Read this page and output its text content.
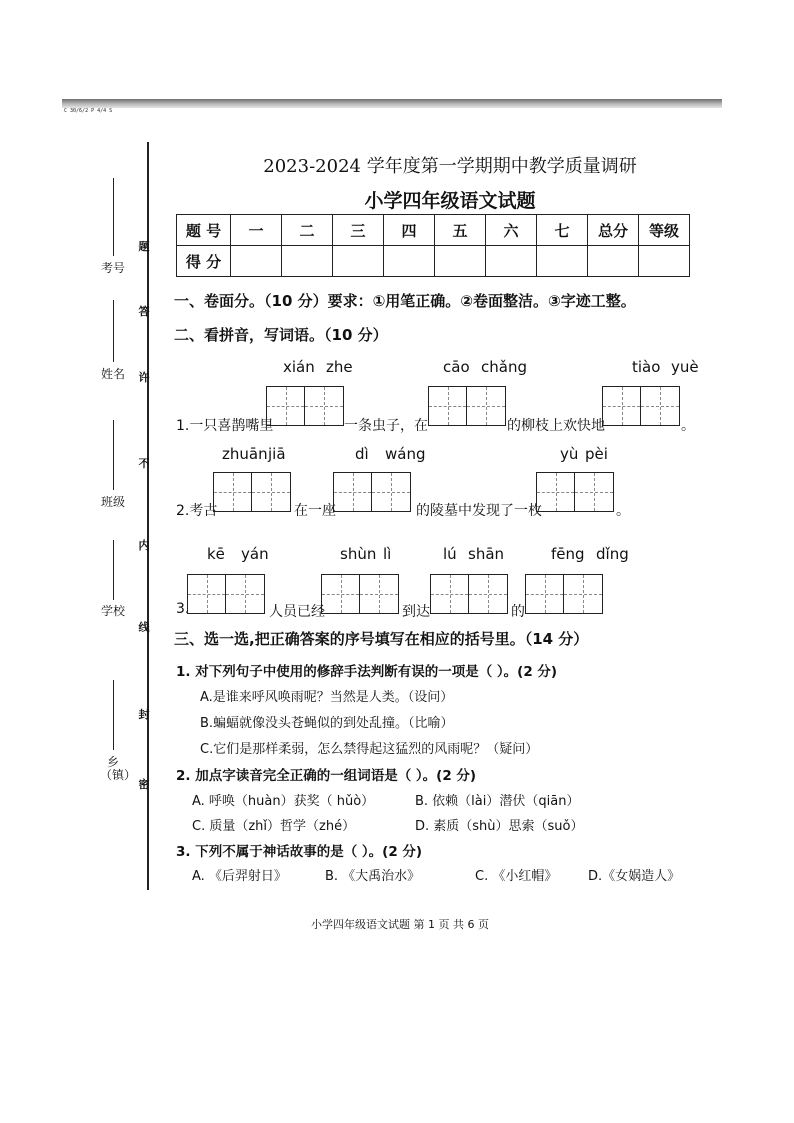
C 30/6/2 P 4/4 S
考号
姓名
班级
学校
乡（镇）
题
答
许
不
内
线
封
密
2023-2024 学年度第一学期期中教学质量调研
小学四年级语文试题
题 号	一	二	三	四	五	六	七	总分	等级
得 分									
一、卷面分。（10 分）要求：①用笔正确。②卷面整洁。③字迹工整。
二、看拼音，写词语。（10 分）
xián zhe	cāo chǎng	tiào yuè
1.一只喜鹊嘴里	一条虫子，在	的柳枝上欢快地	。
zhuān jiā	dì wáng	yù pèi
2.考古	在一座	的陵墓中发现了一枚	。
kē yán	shùn lì	lú shān	fēng dǐng
3.	人员已经	到达	的
三、选一选,把正确答案的序号填写在相应的括号里。（14 分）
1. 对下列句子中使用的修辞手法判断有误的一项是（ ）。(2 分)
A.是谁来呼风唤雨呢？当然是人类。（设问）
B.蝙蝠就像没头苍蝇似的到处乱撞。（比喻）
C.它们是那样柔弱，怎么禁得起这猛烈的风雨呢？（疑问）
2. 加点字读音完全正确的一组词语是（ ）。(2 分)
A. 呼唤（huàn）获奖（ hǔò）	B. 依赖（lài）潜伏（qiān）
C. 质量（zhǐ）哲学（zhé）	D. 素质（shù）思索（suǒ）
3. 下列不属于神话故事的是（ ）。(2 分)
A. 《后羿射日》	B. 《大禹治水》	C. 《小红帽》 D.《女娲造人》
小学四年级语文试题 第 1 页 共 6 页
